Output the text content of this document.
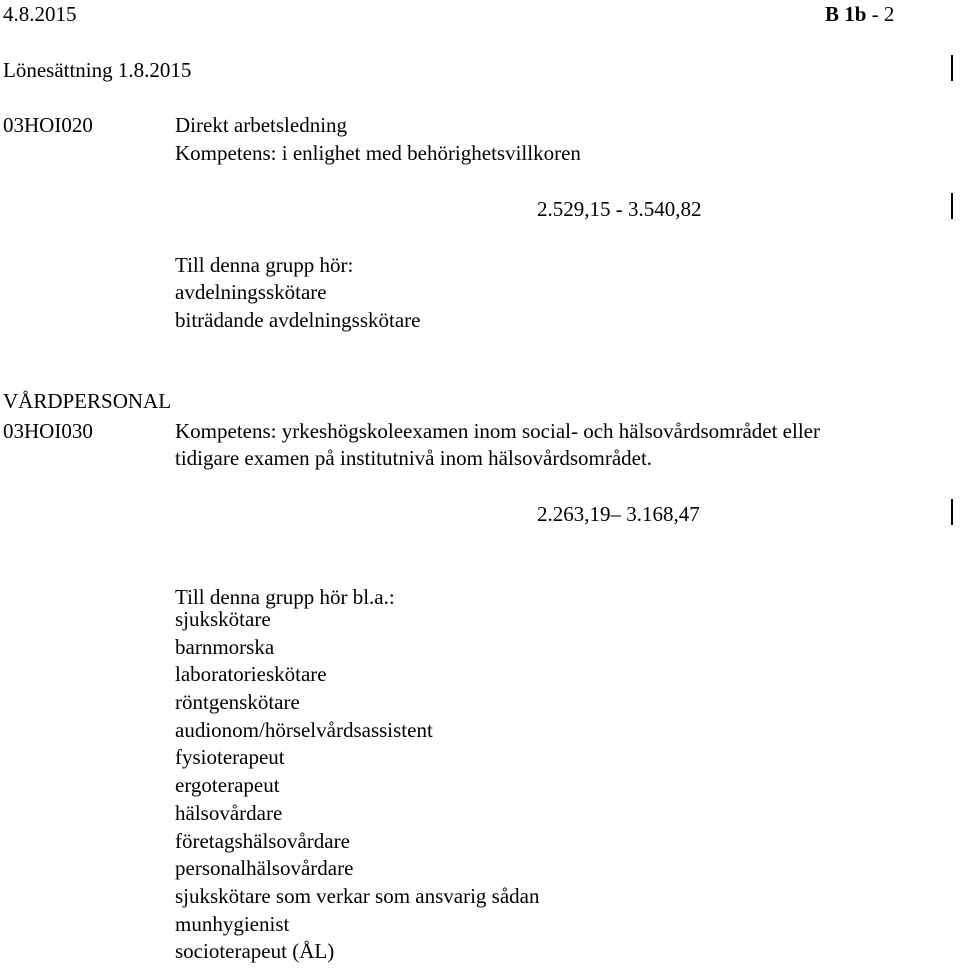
4.8.2015	B 1b - 2
Lönesättning 1.8.2015
03HOI020	Direkt arbetsledning
Kompetens: i enlighet med behörighetsvillkoren
2.529,15 - 3.540,82
Till denna grupp hör:
avdelningsskötare
biträdande avdelningsskötare
VÅRDPERSONAL
03HOI030	Kompetens: yrkeshögskoleexamen inom social- och hälsovårdsområdet eller
tidigare examen på institutnivå inom hälsovårdsområdet.
2.263,19– 3.168,47
Till denna grupp hör bl.a.:
sjukskötare
barnmorska
laboratorieskötare
röntgenskötare
audionom/hörselvårdsassistent
fysioterapeut
ergoterapeut
hälsovårdare
företagshälsovårdare
personalhälsovårdare
sjukskötare som verkar som ansvarig sådan
munhygienist
socioterapeut (ÅL)
